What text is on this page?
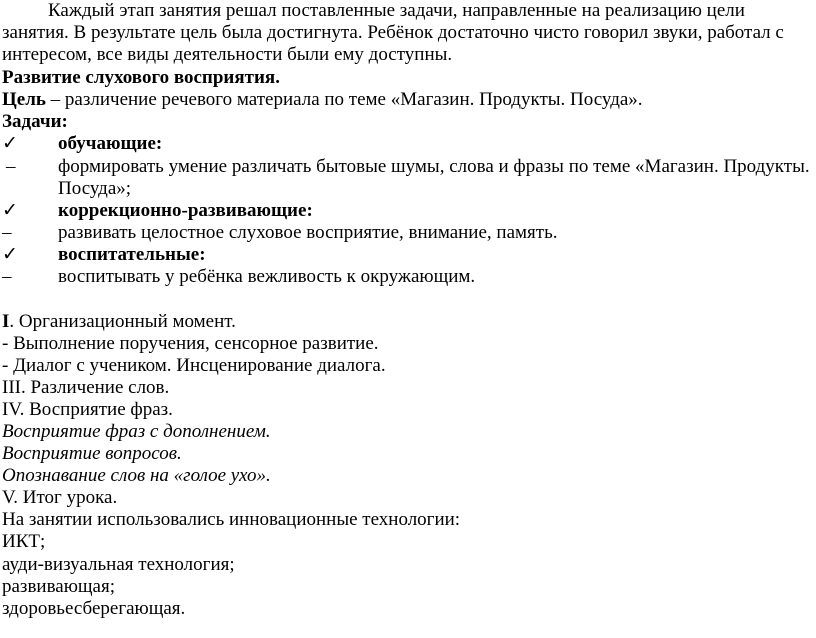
Каждый этап занятия решал поставленные задачи, направленные на реализацию цели
занятия. В результате цель была достигнута. Ребёнок достаточно чисто говорил звуки, работал с
интересом, все виды деятельности были ему доступны.
Развитие слухового восприятия.
Цель – различение речевого материала по теме «Магазин. Продукты. Посуда».
Задачи:
✓ обучающие:
– формировать умение различать бытовые шумы, слова и фразы по теме «Магазин. Продукты.
Посуда»;
✓ коррекционно-развивающие:
– развивать целостное слуховое восприятие, внимание, память.
✓ воспитательные:
– воспитывать у ребёнка вежливость к окружающим.
I. Организационный момент.
- Выполнение поручения, сенсорное развитие.
- Диалог с учеником. Инсценирование диалога.
III. Различение слов.
IV. Восприятие фраз.
Восприятие фраз с дополнением.
Восприятие вопросов.
Опознавание слов на «голое ухо».
V. Итог урока.
На занятии использовались инновационные технологии:
ИКТ;
ауди-визуальная технология;
развивающая;
здоровьесберегающая.
